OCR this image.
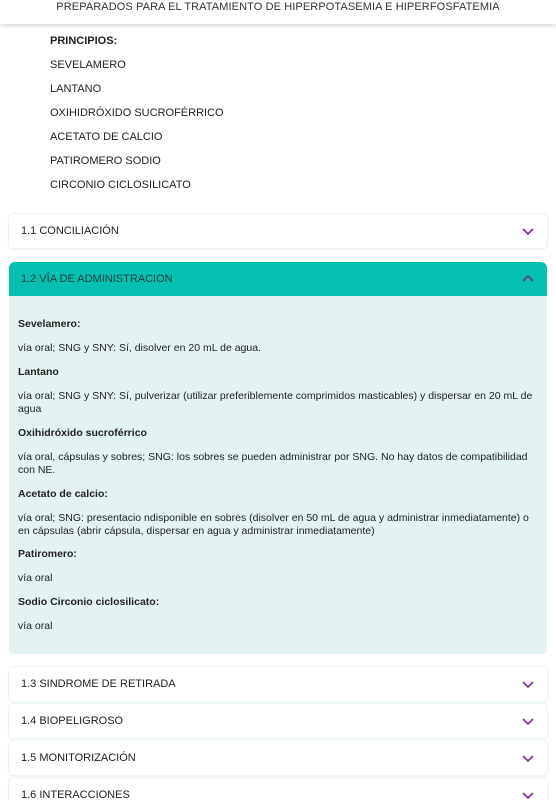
PREPARADOS PARA EL TRATAMIENTO DE HIPERPOTASEMIA E HIPERFOSFATEMIA
PRINCIPIOS:
SEVELAMERO
LANTANO
OXIHIDRÓXIDO SUCROFÉRRICO
ACETATO DE CALCIO
PATIROMERO SODIO
CIRCONIO CICLOSILICATO
1.1 CONCILIACIÓN
1.2 VÍA DE ADMINISTRACION
Sevelamero:
vía oral; SNG y SNY: Sí, disolver en 20 mL de agua.
Lantano
vía oral; SNG y SNY: Sí, pulverizar (utilizar preferiblemente comprimidos masticables) y dispersar en 20 mL de agua
Oxihidróxido sucroférrico
vía oral, cápsulas y sobres; SNG: los sobres se pueden administrar por SNG. No hay datos de compatibilidad con NE.
Acetato de calcio:
vía oral; SNG: presentacio ndisponible en sobres (disolver en 50 mL de agua y administrar inmediatamente) o en cápsulas (abrir cápsula, dispersar en agua y administrar inmediatamente)
Patiromero:
vía oral
Sodio Circonio ciclosilicato:
vía oral
1.3 SINDROME DE RETIRADA
1.4 BIOPELIGROSO
1.5 MONITORIZACIÓN
1.6 INTERACCIONES
